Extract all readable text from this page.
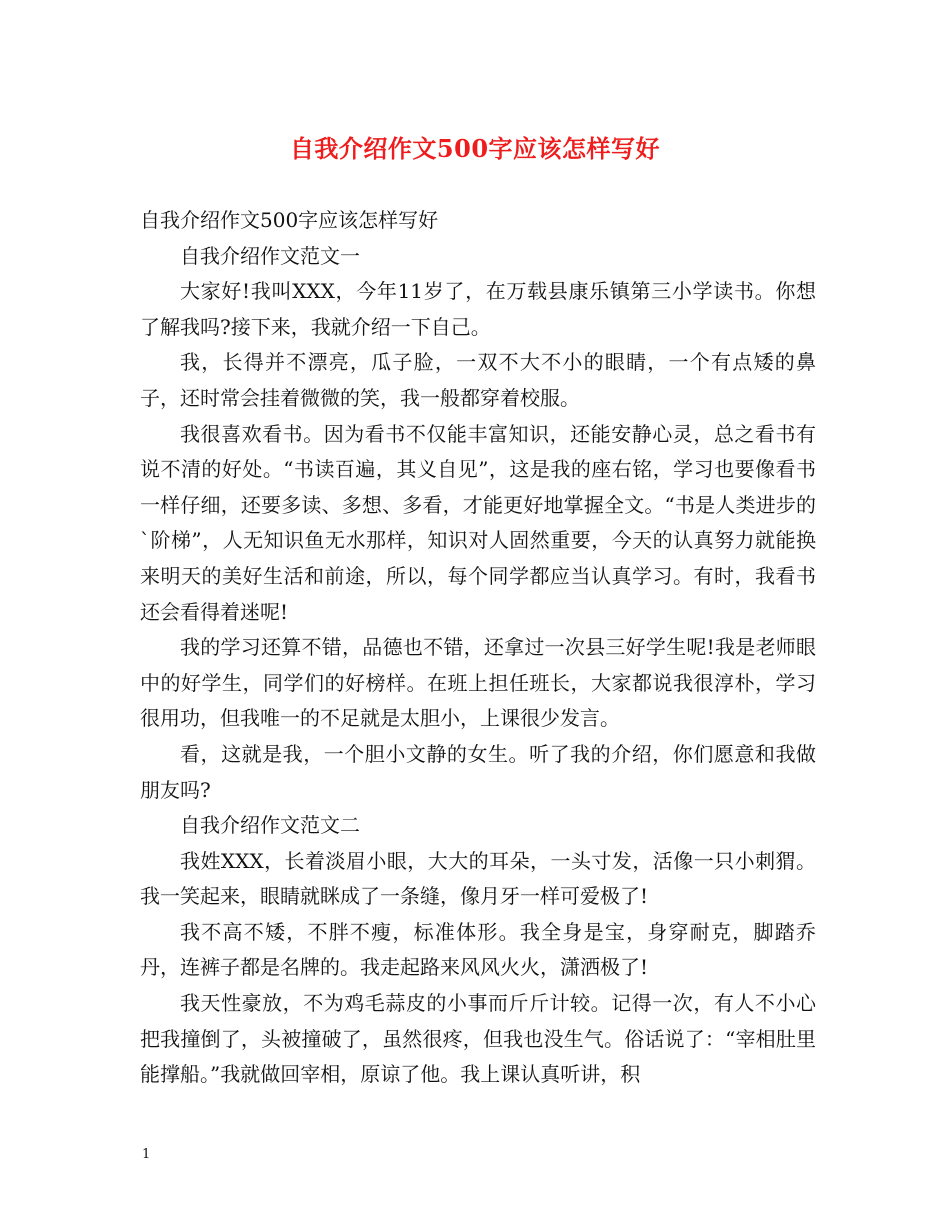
自我介绍作文500字应该怎样写好

自我介绍作文500字应该怎样写好

自我介绍作文范文一

大家好!我叫XXX，今年11岁了，在万载县康乐镇第三小学读书。你想了解我吗?接下来，我就介绍一下自己。

我，长得并不漂亮，瓜子脸，一双不大不小的眼睛，一个有点矮的鼻子，还时常会挂着微微的笑，我一般都穿着校服。

我很喜欢看书。因为看书不仅能丰富知识，还能安静心灵，总之看书有说不清的好处。“书读百遍，其义自见”，这是我的座右铭，学习也要像看书一样仔细，还要多读、多想、多看，才能更好地掌握全文。“书是人类进步的`阶梯”，人无知识鱼无水那样，知识对人固然重要，今天的认真努力就能换来明天的美好生活和前途，所以，每个同学都应当认真学习。有时，我看书还会看得着迷呢!

我的学习还算不错，品德也不错，还拿过一次县三好学生呢!我是老师眼中的好学生，同学们的好榜样。在班上担任班长，大家都说我很淳朴，学习很用功，但我唯一的不足就是太胆小，上课很少发言。

看，这就是我，一个胆小文静的女生。听了我的介绍，你们愿意和我做朋友吗?

自我介绍作文范文二

我姓XXX，长着淡眉小眼，大大的耳朵，一头寸发，活像一只小刺猬。我一笑起来，眼睛就眯成了一条缝，像月牙一样可爱极了!

我不高不矮，不胖不瘦，标准体形。我全身是宝，身穿耐克，脚踏乔丹，连裤子都是名牌的。我走起路来风风火火，潇洒极了!

我天性豪放，不为鸡毛蒜皮的小事而斤斤计较。记得一次，有人不小心把我撞倒了，头被撞破了，虽然很疼，但我也没生气。俗话说了：“宰相肚里能撑船。”我就做回宰相，原谅了他。我上课认真听讲，积

1
